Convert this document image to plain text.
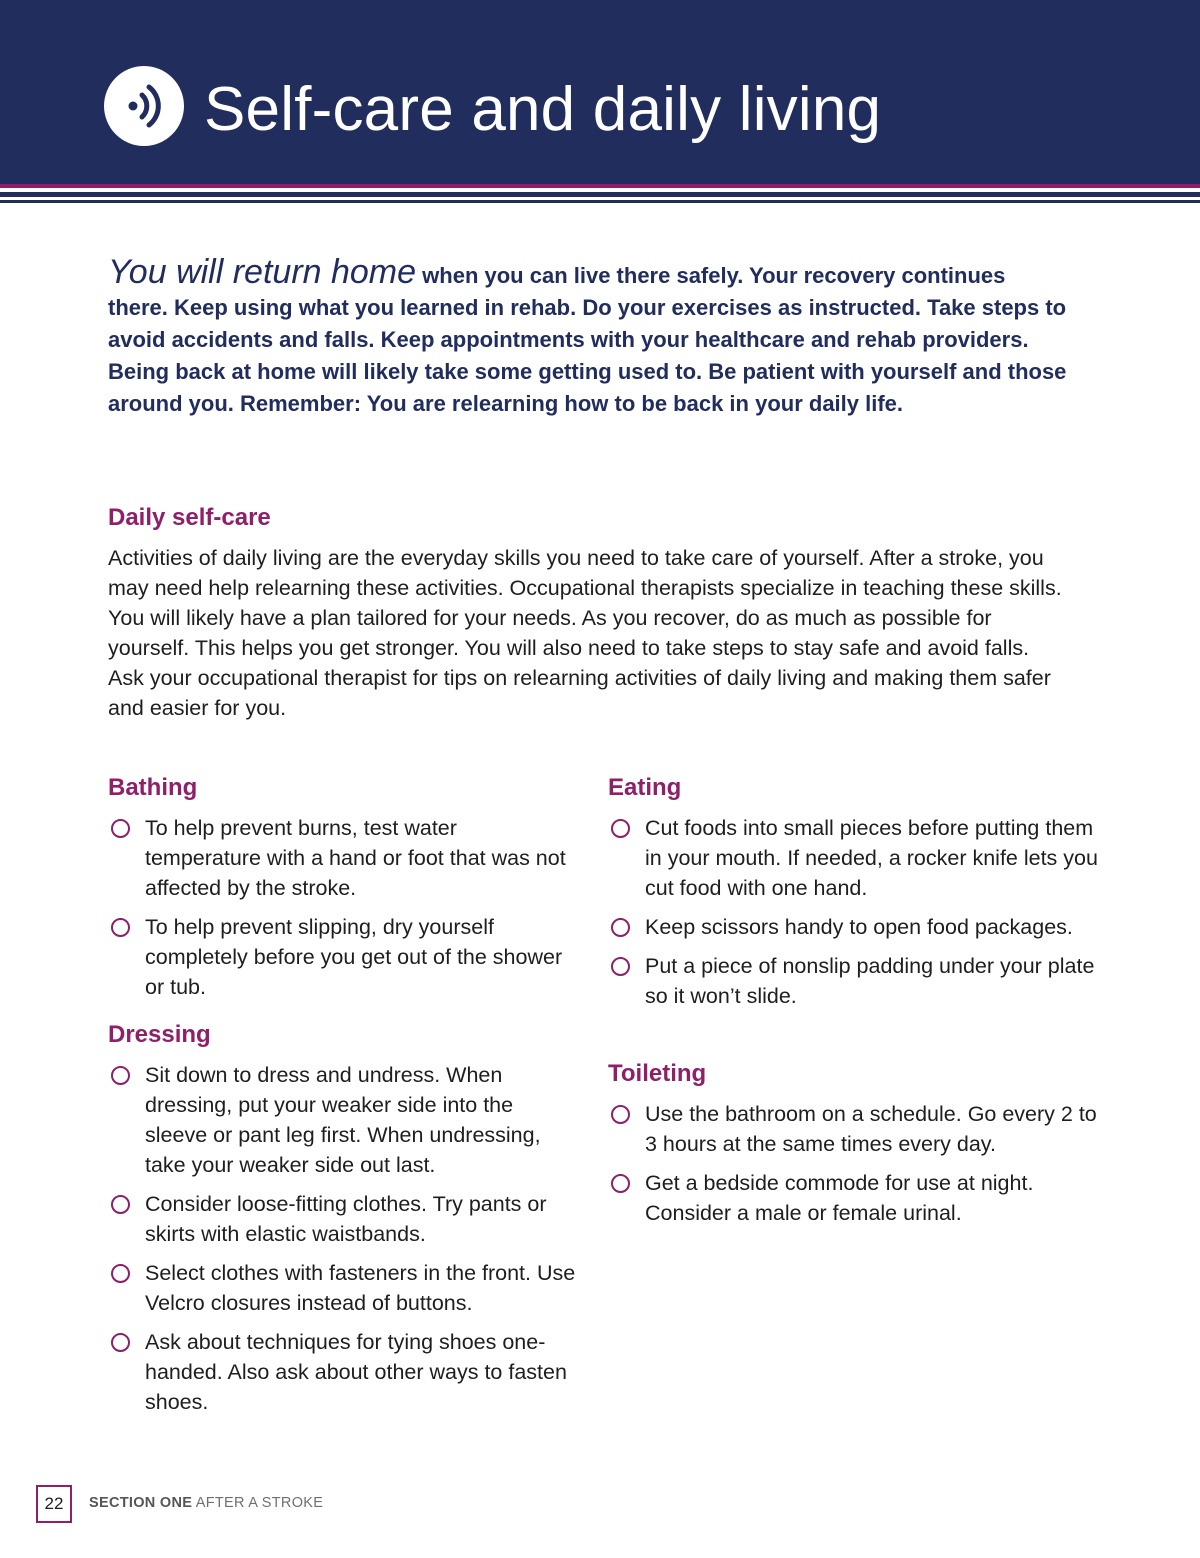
Self-care and daily living

You will return home when you can live there safely. Your recovery continues there. Keep using what you learned in rehab. Do your exercises as instructed. Take steps to avoid accidents and falls. Keep appointments with your healthcare and rehab providers. Being back at home will likely take some getting used to. Be patient with yourself and those around you. Remember: You are relearning how to be back in your daily life.

Daily self-care

Activities of daily living are the everyday skills you need to take care of yourself. After a stroke, you may need help relearning these activities. Occupational therapists specialize in teaching these skills. You will likely have a plan tailored for your needs. As you recover, do as much as possible for yourself. This helps you get stronger. You will also need to take steps to stay safe and avoid falls. Ask your occupational therapist for tips on relearning activities of daily living and making them safer and easier for you.

Bathing
To help prevent burns, test water temperature with a hand or foot that was not affected by the stroke.
To help prevent slipping, dry yourself completely before you get out of the shower or tub.
Dressing
Sit down to dress and undress. When dressing, put your weaker side into the sleeve or pant leg first. When undressing, take your weaker side out last.
Consider loose-fitting clothes. Try pants or skirts with elastic waistbands.
Select clothes with fasteners in the front. Use Velcro closures instead of buttons.
Ask about techniques for tying shoes one-handed. Also ask about other ways to fasten shoes.
Eating
Cut foods into small pieces before putting them in your mouth. If needed, a rocker knife lets you cut food with one hand.
Keep scissors handy to open food packages.
Put a piece of nonslip padding under your plate so it won’t slide.
Toileting
Use the bathroom on a schedule. Go every 2 to 3 hours at the same times every day.
Get a bedside commode for use at night. Consider a male or female urinal.
22	SECTION ONE AFTER A STROKE
